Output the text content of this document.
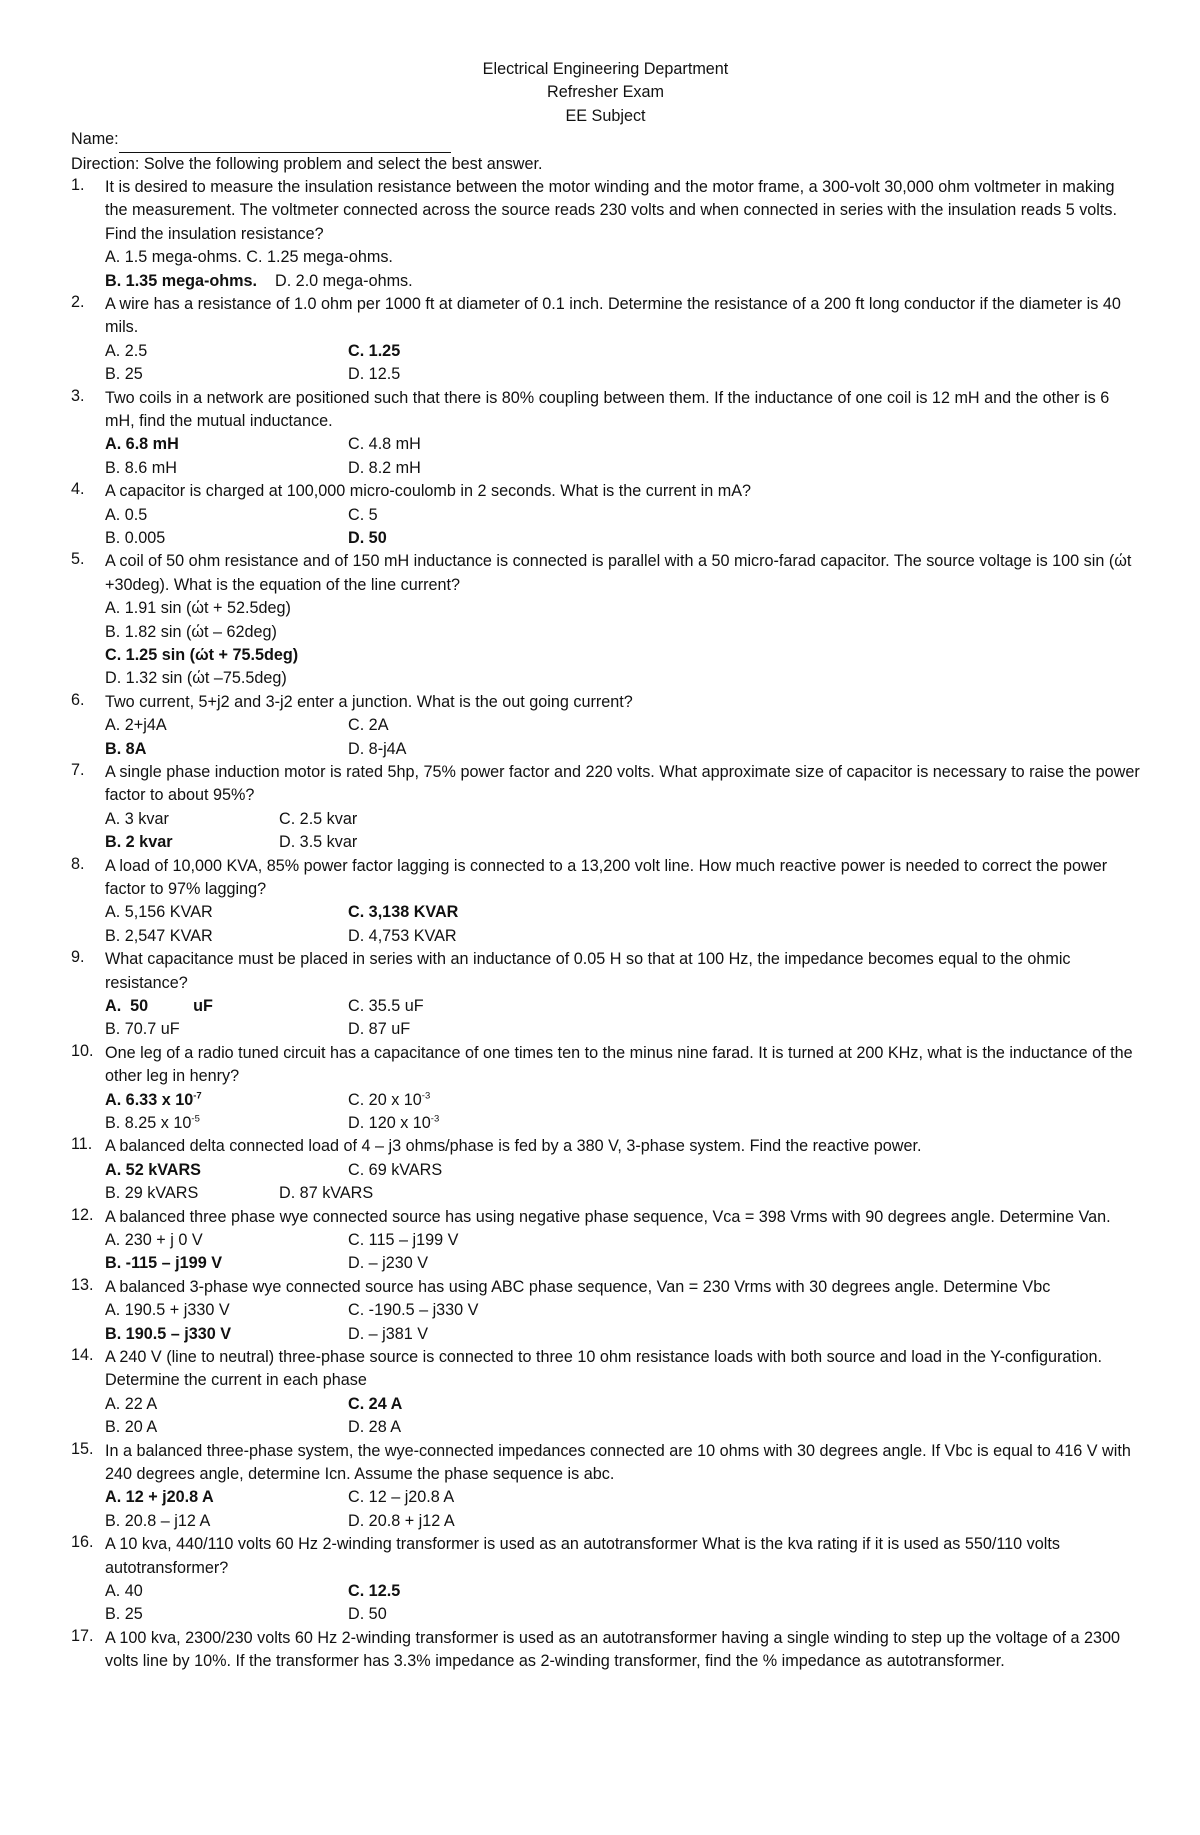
Electrical Engineering Department
Refresher Exam
EE Subject
Name:
Direction: Solve the following problem and select the best answer.
1. It is desired to measure the insulation resistance between the motor winding and the motor frame, a 300-volt 30,000 ohm voltmeter in making the measurement. The voltmeter connected across the source reads 230 volts and when connected in series with the insulation reads 5 volts. Find the insulation resistance?
A. 1.5 mega-ohms. C. 1.25 mega-ohms.
B. 1.35 mega-ohms. D. 2.0 mega-ohms.
2. A wire has a resistance of 1.0 ohm per 1000 ft at diameter of 0.1 inch. Determine the resistance of a 200 ft long conductor if the diameter is 40 mils.
A. 2.5	C. 1.25
B. 25	D. 12.5
3. Two coils in a network are positioned such that there is 80% coupling between them. If the inductance of one coil is 12 mH and the other is 6 mH, find the mutual inductance.
A. 6.8 mH	C. 4.8 mH
B. 8.6 mH	D. 8.2 mH
4. A capacitor is charged at 100,000 micro-coulomb in 2 seconds. What is the current in mA?
A. 0.5	C. 5
B. 0.005	D. 50
5. A coil of 50 ohm resistance and of 150 mH inductance is connected is parallel with a 50 micro-farad capacitor. The source voltage is 100 sin (ώt +30deg). What is the equation of the line current?
A. 1.91 sin (ώt + 52.5deg)
B. 1.82 sin (ώt – 62deg)
C. 1.25 sin (ώt + 75.5deg)
D. 1.32 sin (ώt –75.5deg)
6. Two current, 5+j2 and 3-j2 enter a junction. What is the out going current?
A. 2+j4A	C. 2A
B. 8A	D. 8-j4A
7. A single phase induction motor is rated 5hp, 75% power factor and 220 volts. What approximate size of capacitor is necessary to raise the power factor to about 95%?
A. 3 kvar	C. 2.5 kvar
B. 2 kvar	D. 3.5 kvar
8. A load of 10,000 KVA, 85% power factor lagging is connected to a 13,200 volt line. How much reactive power is needed to correct the power factor to 97% lagging?
A. 5,156 KVAR	C. 3,138 KVAR
B. 2,547 KVAR	D. 4,753 KVAR
9. What capacitance must be placed in series with an inductance of 0.05 H so that at 100 Hz, the impedance becomes equal to the ohmic resistance?
A.  50          uF	C. 35.5 uF
B. 70.7 uF	D. 87 uF
10. One leg of a radio tuned circuit has a capacitance of one times ten to the minus nine farad. It is turned at 200 KHz, what is the inductance of the other leg in henry?
A. 6.33 x $10^{-7}$	C. 20 x $10^{-3}$
B. 8.25 x $10^{-5}$	D. 120 x $10^{-3}$
11. A balanced delta connected load of 4 – j3 ohms/phase is fed by a 380 V, 3-phase system. Find the reactive power.
A. 52 kVARS	C. 69 kVARS
B. 29 kVARS	D. 87 kVARS
12. A balanced three phase wye connected source has using negative phase sequence, Vca = 398 Vrms with 90 degrees angle. Determine Van.
A. 230 + j 0 V	C. 115 – j199 V
B. -115 – j199 V	D. – j230 V
13. A balanced 3-phase wye connected source has using ABC phase sequence, Van = 230 Vrms with 30 degrees angle. Determine Vbc
A. 190.5 + j330 V	C. -190.5 – j330 V
B. 190.5 – j330 V	D. – j381 V
14. A 240 V (line to neutral) three-phase source is connected to three 10 ohm resistance loads with both source and load in the Y-configuration. Determine the current in each phase
A. 22 A	C. 24 A
B. 20 A	D. 28 A
15. In a balanced three-phase system, the wye-connected impedances connected are 10 ohms with 30 degrees angle. If Vbc is equal to 416 V with 240 degrees angle, determine Icn. Assume the phase sequence is abc.
A. 12 + j20.8 A	C. 12 – j20.8 A
B. 20.8 – j12 A	D. 20.8 + j12 A
16. A 10 kva, 440/110 volts 60 Hz 2-winding transformer is used as an autotransformer What is the kva rating if it is used as 550/110 volts autotransformer?
A. 40	C. 12.5
B. 25	D. 50
17. A 100 kva, 2300/230 volts 60 Hz 2-winding transformer is used as an autotransformer having a single winding to step up the voltage of a 2300 volts line by 10%. If the transformer has 3.3% impedance as 2-winding transformer, find the % impedance as autotransformer.
